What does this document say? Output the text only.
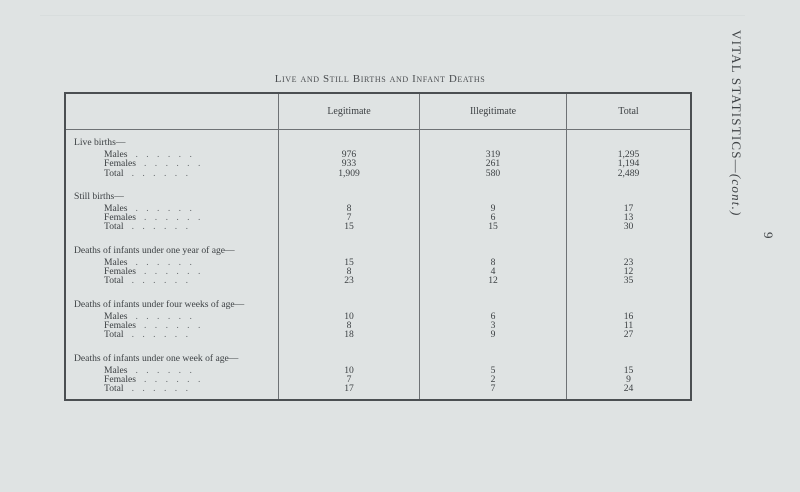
Live and Still Births and Infant Deaths
	Legitimate	Illegitimate	Total
Live births—			
Males . . . . . .	976	319	1,295
Females . . . . . .	933	261	1,194
Total . . . . . .	1,909	580	2,489
Still births—			
Males . . . . . .	8	9	17
Females . . . . . .	7	6	13
Total . . . . . .	15	15	30
Deaths of infants under one year of age—			
Males . . . . . .	15	8	23
Females . . . . . .	8	4	12
Total . . . . . .	23	12	35
Deaths of infants under four weeks of age—			
Males . . . . . .	10	6	16
Females . . . . . .	8	3	11
Total . . . . . .	18	9	27
Deaths of infants under one week of age—			
Males . . . . . .	10	5	15
Females . . . . . .	7	2	9
Total . . . . . .	17	7	24
VITAL STATISTICS—(cont.)
9
